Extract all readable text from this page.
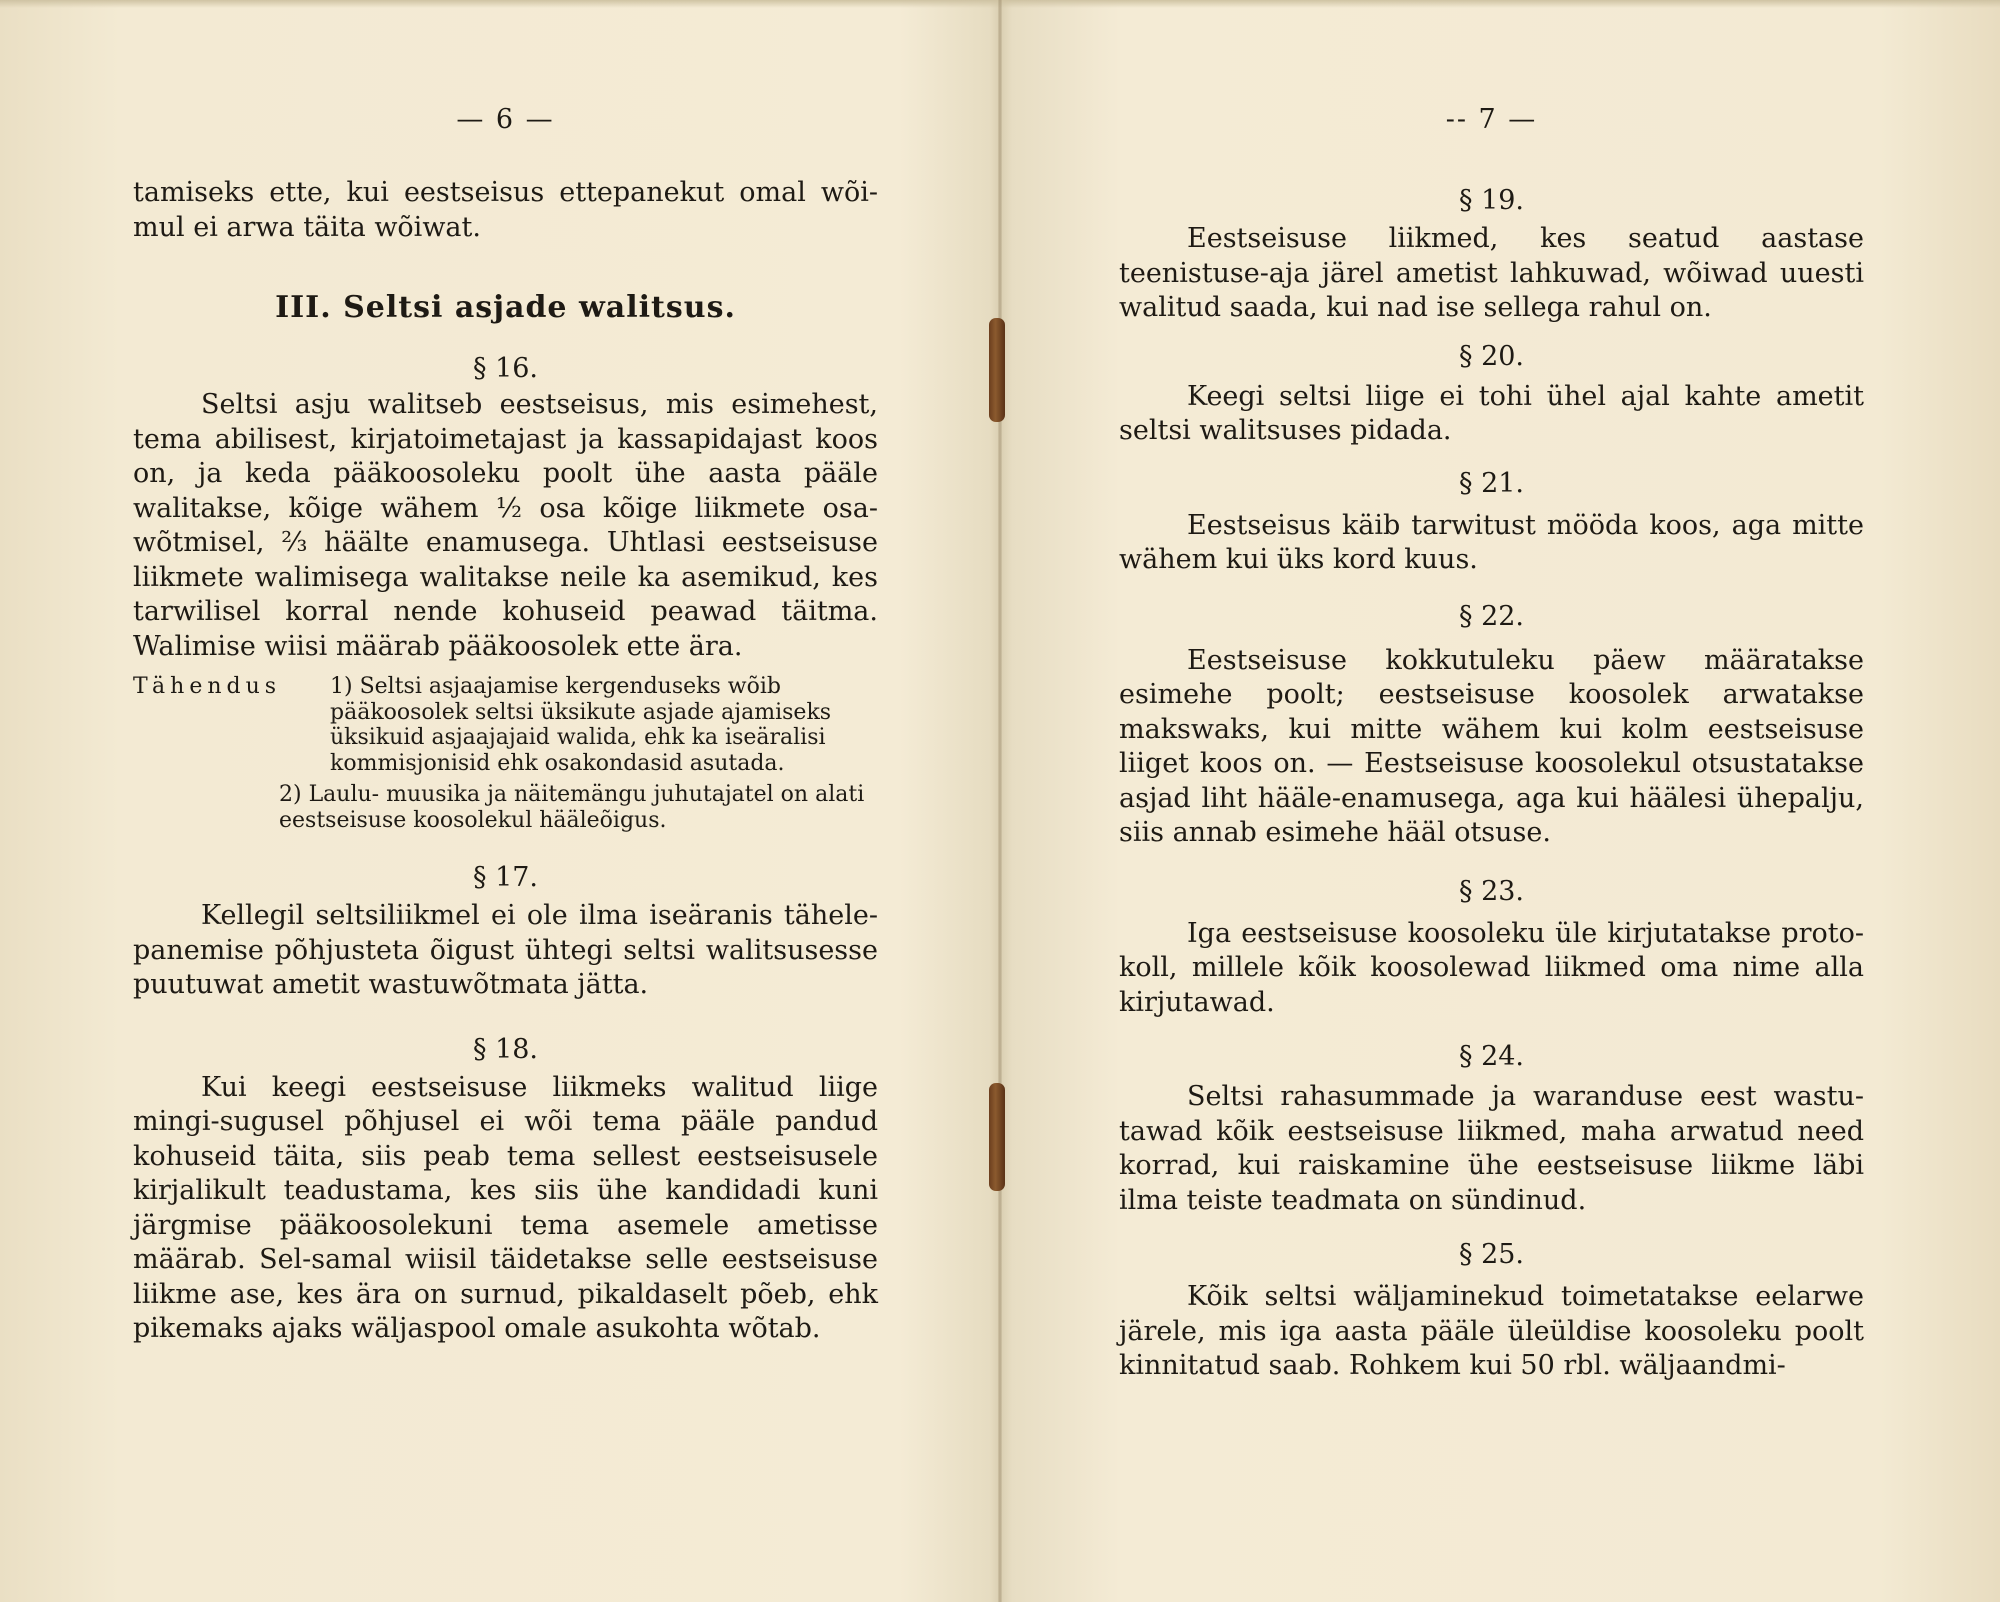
— 6 —

tamiseks ette, kui eestseisus ettepanekut omal wõi-mul ei arwa täita wõiwat.

III. Seltsi asjade walitsus.
§ 16.

Seltsi asju walitseb eestseisus, mis esimehest, tema abilisest, kirjatoimetajast ja kassapidajast koos on, ja keda pääkoosoleku poolt ühe aasta pääle walitakse, kõige wähem ½ osa kõige liikmete osa-wõtmisel, ⅔ häälte enamusega. Uhtlasi eestseisuse liikmete walimisega walitakse neile ka asemikud, kes tarwilisel korral nende kohuseid peawad täitma. Walimise wiisi määrab pääkoosolek ette ära.

Tähendus	1) Seltsi asjaajamise kergenduseks wõib pääkoosolek seltsi üksikute asjade ajamiseks üksikuid asjaajajaid walida, ehk ka iseäralisi kommisjonisid ehk osakondasid asutada.
2) Laulu- muusika ja näitemängu juhutajatel on alati eestseisuse koosolekul hääleõigus.
§ 17.

Kellegil seltsiliikmel ei ole ilma iseäranis tähele-panemise põhjusteta õigust ühtegi seltsi walitsusesse puutuwat ametit wastuwõtmata jätta.

§ 18.

Kui keegi eestseisuse liikmeks walitud liige mingi-sugusel põhjusel ei wõi tema pääle pandud kohuseid täita, siis peab tema sellest eestseisusele kirjalikult teadustama, kes siis ühe kandidadi kuni järgmise pääkoosolekuni tema asemele ametisse määrab. Sel-samal wiisil täidetakse selle eestseisuse liikme ase, kes ära on surnud, pikaldaselt põeb, ehk pikemaks ajaks wäljaspool omale asukohta wõtab.

-- 7 —
§ 19.

Eestseisuse liikmed, kes seatud aastase teenistuse-aja järel ametist lahkuwad, wõiwad uuesti walitud saada, kui nad ise sellega rahul on.

§ 20.

Keegi seltsi liige ei tohi ühel ajal kahte ametit seltsi walitsuses pidada.

§ 21.

Eestseisus käib tarwitust mööda koos, aga mitte wähem kui üks kord kuus.

§ 22.

Eestseisuse kokkutuleku päew määratakse esimehe poolt; eestseisuse koosolek arwatakse makswaks, kui mitte wähem kui kolm eestseisuse liiget koos on. — Eestseisuse koosolekul otsustatakse asjad liht hääle-enamusega, aga kui häälesi ühepalju, siis annab esimehe hääl otsuse.

§ 23.

Iga eestseisuse koosoleku üle kirjutatakse proto-koll, millele kõik koosolewad liikmed oma nime alla kirjutawad.

§ 24.

Seltsi rahasummade ja waranduse eest wastu-tawad kõik eestseisuse liikmed, maha arwatud need korrad, kui raiskamine ühe eestseisuse liikme läbi ilma teiste teadmata on sündinud.

§ 25.

Kõik seltsi wäljaminekud toimetatakse eelarwe järele, mis iga aasta pääle üleüldise koosoleku poolt kinnitatud saab. Rohkem kui 50 rbl. wäljaandmi-
